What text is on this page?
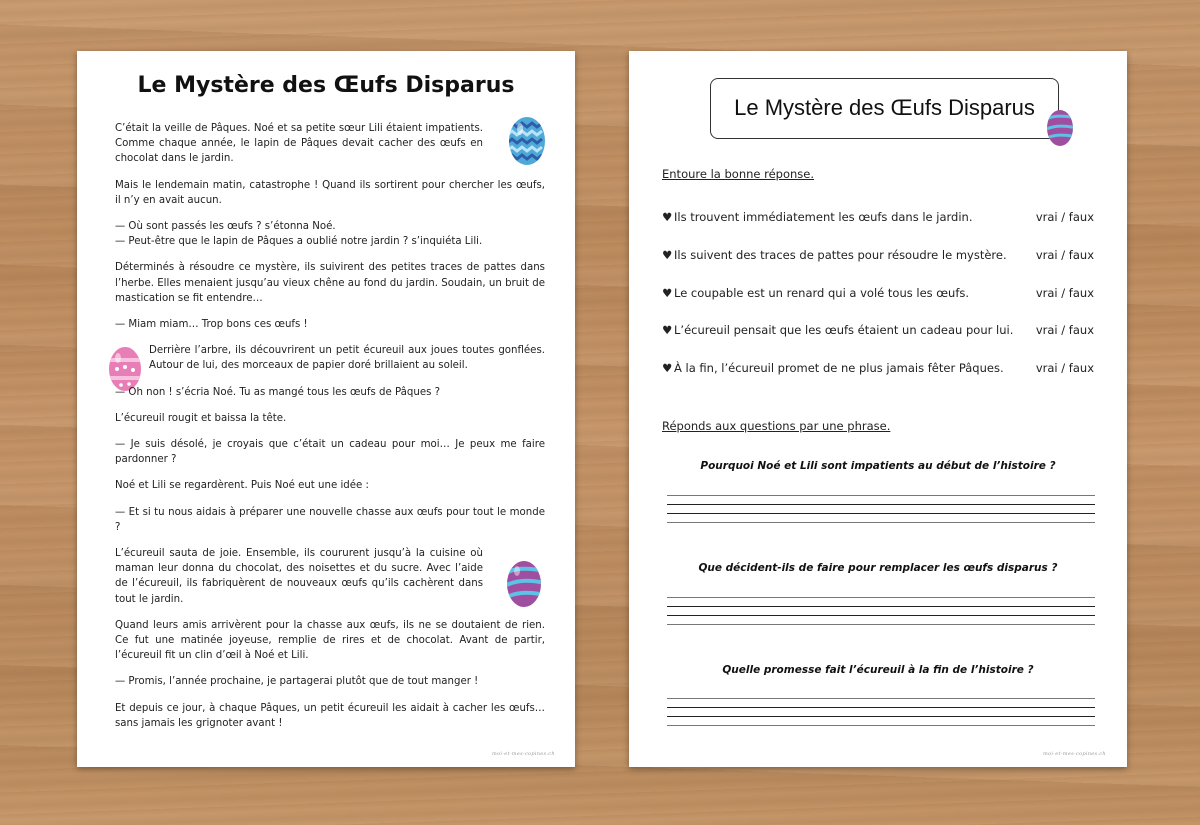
Le Mystère des Œufs Disparus

C’était la veille de Pâques. Noé et sa petite sœur Lili étaient impatients. Comme chaque année, le lapin de Pâques devait cacher des œufs en chocolat dans le jardin.

Mais le lendemain matin, catastrophe ! Quand ils sortirent pour chercher les œufs, il n’y en avait aucun.

— Où sont passés les œufs ? s’étonna Noé.

— Peut-être que le lapin de Pâques a oublié notre jardin ? s’inquiéta Lili.

Déterminés à résoudre ce mystère, ils suivirent des petites traces de pattes dans l’herbe. Elles menaient jusqu’au vieux chêne au fond du jardin. Soudain, un bruit de mastication se fit entendre…

— Miam miam… Trop bons ces œufs !

Derrière l’arbre, ils découvrirent un petit écureuil aux joues toutes gonflées. Autour de lui, des morceaux de papier doré brillaient au soleil.

— Oh non ! s’écria Noé. Tu as mangé tous les œufs de Pâques ?

L’écureuil rougit et baissa la tête.

— Je suis désolé, je croyais que c’était un cadeau pour moi… Je peux me faire pardonner ?

Noé et Lili se regardèrent. Puis Noé eut une idée :

— Et si tu nous aidais à préparer une nouvelle chasse aux œufs pour tout le monde ?

L’écureuil sauta de joie. Ensemble, ils coururent jusqu’à la cuisine où maman leur donna du chocolat, des noisettes et du sucre. Avec l’aide de l’écureuil, ils fabriquèrent de nouveaux œufs qu’ils cachèrent dans tout le jardin.

Quand leurs amis arrivèrent pour la chasse aux œufs, ils ne se doutaient de rien. Ce fut une matinée joyeuse, remplie de rires et de chocolat. Avant de partir, l’écureuil fit un clin d’œil à Noé et Lili.

— Promis, l’année prochaine, je partagerai plutôt que de tout manger !

Et depuis ce jour, à chaque Pâques, un petit écureuil les aidait à cacher les œufs… sans jamais les grignoter avant !

moi-et-mes-copines.ch
Le Mystère des Œufs Disparus
Entoure la bonne réponse.
♥ Ils trouvent immédiatement les œufs dans le jardin.	vrai / faux
♥ Ils suivent des traces de pattes pour résoudre le mystère.	vrai / faux
♥ Le coupable est un renard qui a volé tous les œufs.	vrai / faux
♥ L’écureuil pensait que les œufs étaient un cadeau pour lui. vrai / faux
♥ À la fin, l’écureuil promet de ne plus jamais fêter Pâques.	vrai / faux
Réponds aux questions par une phrase.
Pourquoi Noé et Lili sont impatients au début de l’histoire ?
Que décident-ils de faire pour remplacer les œufs disparus ?
Quelle promesse fait l’écureuil à la fin de l’histoire ?
moi-et-mes-copines.ch
